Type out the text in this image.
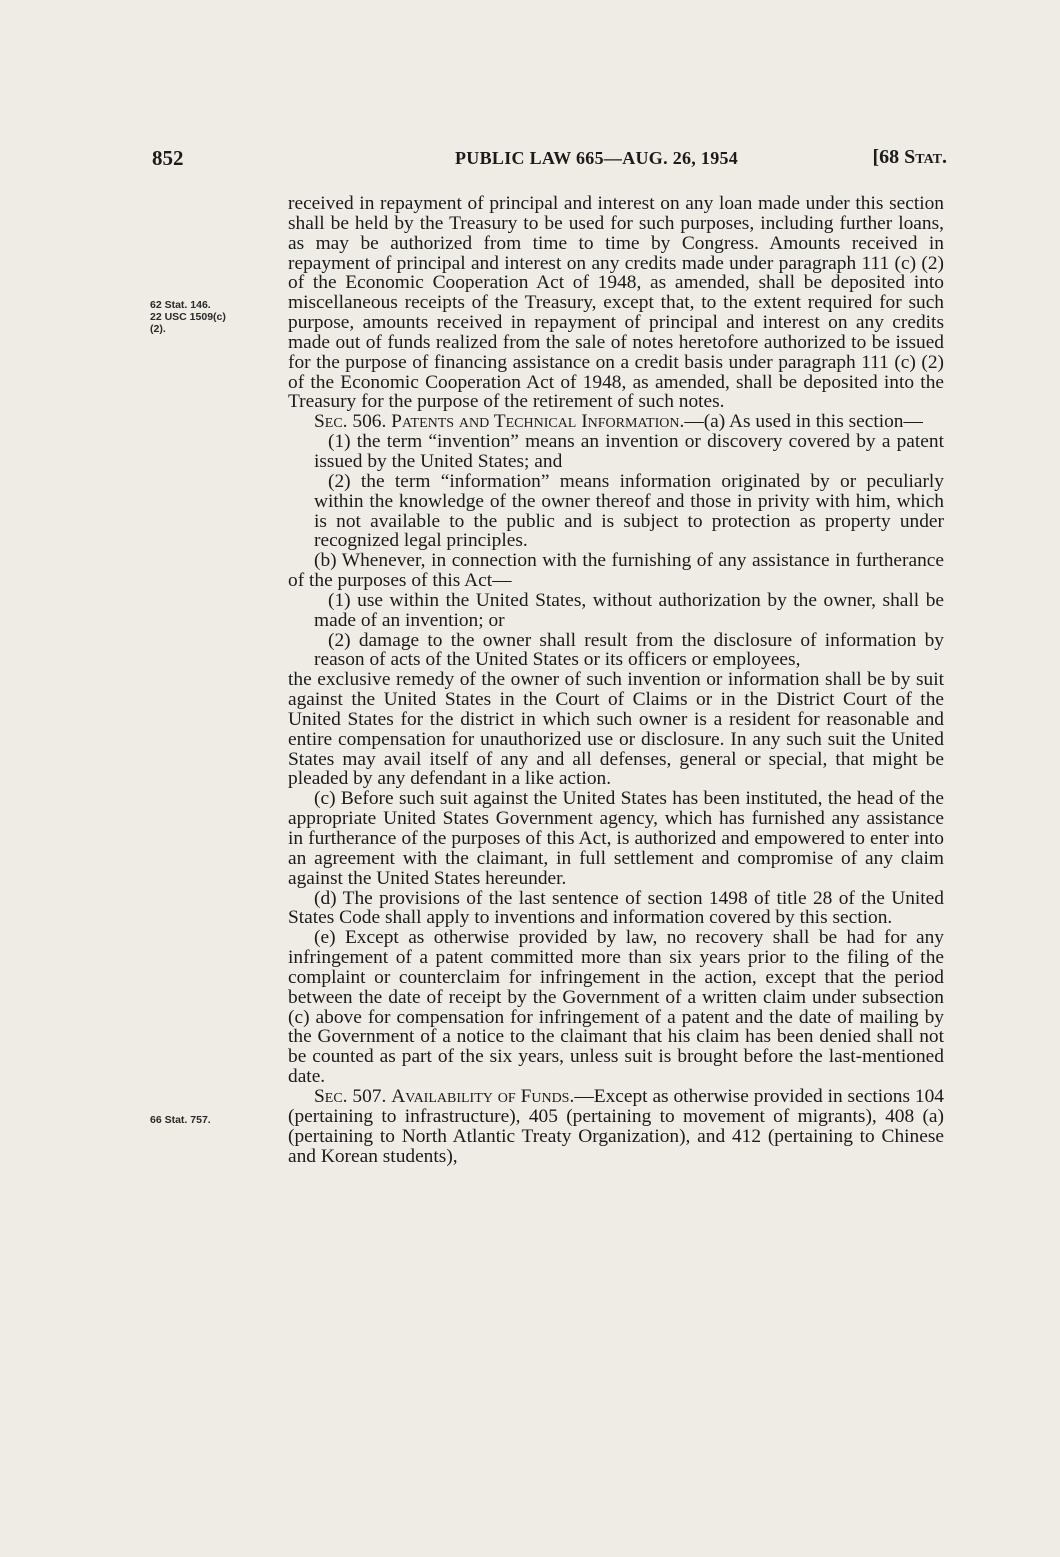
852	PUBLIC LAW 665—AUG. 26, 1954	[68 Stat.
62 Stat. 146.
22 USC 1509(c)
(2).
66 Stat. 757.

received in repayment of principal and interest on any loan made under this section shall be held by the Treasury to be used for such purposes, including further loans, as may be authorized from time to time by Congress. Amounts received in repayment of principal and interest on any credits made under paragraph 111 (c) (2) of the Economic Cooperation Act of 1948, as amended, shall be deposited into miscellaneous receipts of the Treasury, except that, to the extent required for such purpose, amounts received in repayment of principal and interest on any credits made out of funds realized from the sale of notes heretofore authorized to be issued for the purpose of financing assistance on a credit basis under paragraph 111 (c) (2) of the Economic Cooperation Act of 1948, as amended, shall be deposited into the Treasury for the purpose of the retirement of such notes.

Sec. 506. Patents and Technical Information.—(a) As used in this section—

(1) the term “invention” means an invention or discovery covered by a patent issued by the United States; and

(2) the term “information” means information originated by or peculiarly within the knowledge of the owner thereof and those in privity with him, which is not available to the public and is subject to protection as property under recognized legal principles.

(b) Whenever, in connection with the furnishing of any assistance in furtherance of the purposes of this Act—

(1) use within the United States, without authorization by the owner, shall be made of an invention; or

(2) damage to the owner shall result from the disclosure of information by reason of acts of the United States or its officers or employees,

the exclusive remedy of the owner of such invention or information shall be by suit against the United States in the Court of Claims or in the District Court of the United States for the district in which such owner is a resident for reasonable and entire compensation for unauthorized use or disclosure. In any such suit the United States may avail itself of any and all defenses, general or special, that might be pleaded by any defendant in a like action.

(c) Before such suit against the United States has been instituted, the head of the appropriate United States Government agency, which has furnished any assistance in furtherance of the purposes of this Act, is authorized and empowered to enter into an agreement with the claimant, in full settlement and compromise of any claim against the United States hereunder.

(d) The provisions of the last sentence of section 1498 of title 28 of the United States Code shall apply to inventions and information covered by this section.

(e) Except as otherwise provided by law, no recovery shall be had for any infringement of a patent committed more than six years prior to the filing of the complaint or counterclaim for infringement in the action, except that the period between the date of receipt by the Government of a written claim under subsection (c) above for compensation for infringement of a patent and the date of mailing by the Government of a notice to the claimant that his claim has been denied shall not be counted as part of the six years, unless suit is brought before the last-mentioned date.

Sec. 507. Availability of Funds.—Except as otherwise provided in sections 104 (pertaining to infrastructure), 405 (pertaining to movement of migrants), 408 (a) (pertaining to North Atlantic Treaty Organization), and 412 (pertaining to Chinese and Korean students),
